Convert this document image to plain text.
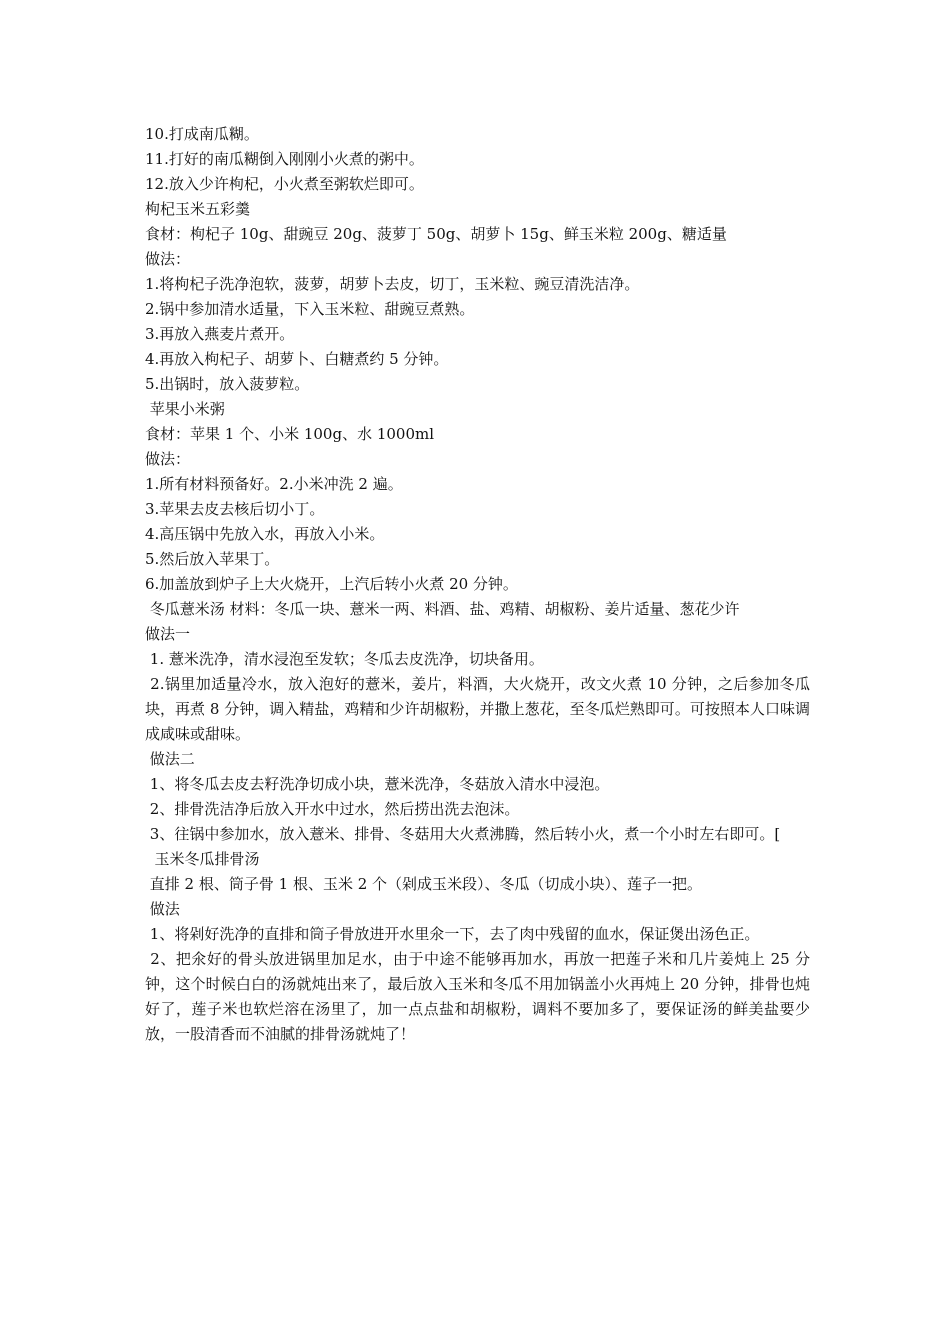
10.打成南瓜糊。

11.打好的南瓜糊倒入刚刚小火煮的粥中。

12.放入少许枸杞，小火煮至粥软烂即可。

枸杞玉米五彩羹

食材：枸杞子 10g、甜豌豆 20g、菠萝丁 50g、胡萝卜 15g、鲜玉米粒 200g、糖适量

做法：

1.将枸杞子洗净泡软，菠萝，胡萝卜去皮，切丁，玉米粒、豌豆清洗洁净。

2.锅中参加清水适量，下入玉米粒、甜豌豆煮熟。

3.再放入燕麦片煮开。

4.再放入枸杞子、胡萝卜、白糖煮约 5 分钟。

5.出锅时，放入菠萝粒。

苹果小米粥

食材：苹果 1 个、小米 100g、水 1000ml

做法：

1.所有材料预备好。2.小米冲洗 2 遍。

3.苹果去皮去核后切小丁。

4.高压锅中先放入水，再放入小米。

5.然后放入苹果丁。

6.加盖放到炉子上大火烧开，上汽后转小火煮 20 分钟。

冬瓜薏米汤 材料：冬瓜一块、薏米一两、料酒、盐、鸡精、胡椒粉、姜片适量、葱花少许

做法一

1. 薏米洗净，清水浸泡至发软；冬瓜去皮洗净，切块备用。

2.锅里加适量冷水，放入泡好的薏米，姜片，料酒，大火烧开，改文火煮 10 分钟，之后参加冬瓜块，再煮 8 分钟，调入精盐，鸡精和少许胡椒粉，并撒上葱花，至冬瓜烂熟即可。可按照本人口味调成咸味或甜味。

做法二

1、将冬瓜去皮去籽洗净切成小块，薏米洗净，冬菇放入清水中浸泡。

2、排骨洗洁净后放入开水中过水，然后捞出洗去泡沫。

3、往锅中参加水，放入薏米、排骨、冬菇用大火煮沸腾，然后转小火，煮一个小时左右即可。[

玉米冬瓜排骨汤

直排 2 根、筒子骨 1 根、玉米 2 个（剁成玉米段）、冬瓜（切成小块）、莲子一把。

做法

1、将剁好洗净的直排和筒子骨放进开水里氽一下，去了肉中残留的血水，保证煲出汤色正。

2、把氽好的骨头放进锅里加足水，由于中途不能够再加水，再放一把莲子米和几片姜炖上 25 分钟，这个时候白白的汤就炖出来了，最后放入玉米和冬瓜不用加锅盖小火再炖上 20 分钟，排骨也炖好了，莲子米也软烂溶在汤里了，加一点点盐和胡椒粉，调料不要加多了，要保证汤的鲜美盐要少放，一股清香而不油腻的排骨汤就炖了！
